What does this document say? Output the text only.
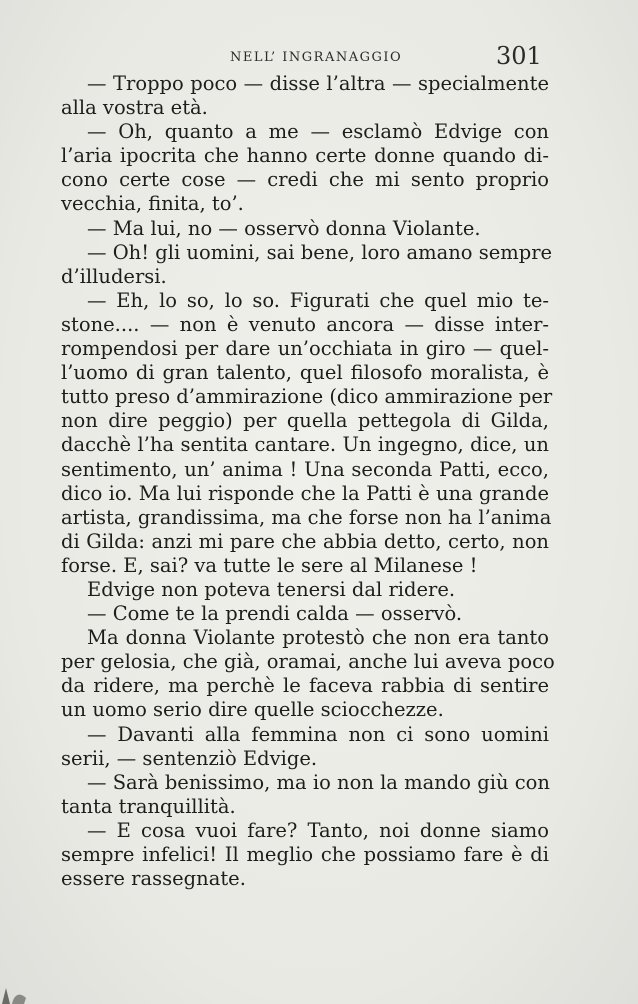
NELL’ INGRANAGGIO	301
— Troppo poco — disse l’altra — specialmente
alla vostra età.
— Oh, quanto a me — esclamò Edvige con
l’aria ipocrita che hanno certe donne quando di-
cono certe cose — credi che mi sento proprio
vecchia, finita, to’.
— Ma lui, no — osservò donna Violante.
— Oh! gli uomini, sai bene, loro amano sempre
d’illudersi.
— Eh, lo so, lo so. Figurati che quel mio te-
stone.... — non è venuto ancora — disse inter-
rompendosi per dare un’occhiata in giro — quel-
l’uomo di gran talento, quel filosofo moralista, è
tutto preso d’ammirazione (dico ammirazione per
non dire peggio) per quella pettegola di Gilda,
dacchè l’ha sentita cantare. Un ingegno, dice, un
sentimento, un’ anima ! Una seconda Patti, ecco,
dico io. Ma lui risponde che la Patti è una grande
artista, grandissima, ma che forse non ha l’anima
di Gilda: anzi mi pare che abbia detto, certo, non
forse. E, sai? va tutte le sere al Milanese !
Edvige non poteva tenersi dal ridere.
— Come te la prendi calda — osservò.
Ma donna Violante protestò che non era tanto
per gelosia, che già, oramai, anche lui aveva poco
da ridere, ma perchè le faceva rabbia di sentire
un uomo serio dire quelle sciocchezze.
— Davanti alla femmina non ci sono uomini
serii, — sentenziò Edvige.
— Sarà benissimo, ma io non la mando giù con
tanta tranquillità.
— E cosa vuoi fare? Tanto, noi donne siamo
sempre infelici! Il meglio che possiamo fare è di
essere rassegnate.
